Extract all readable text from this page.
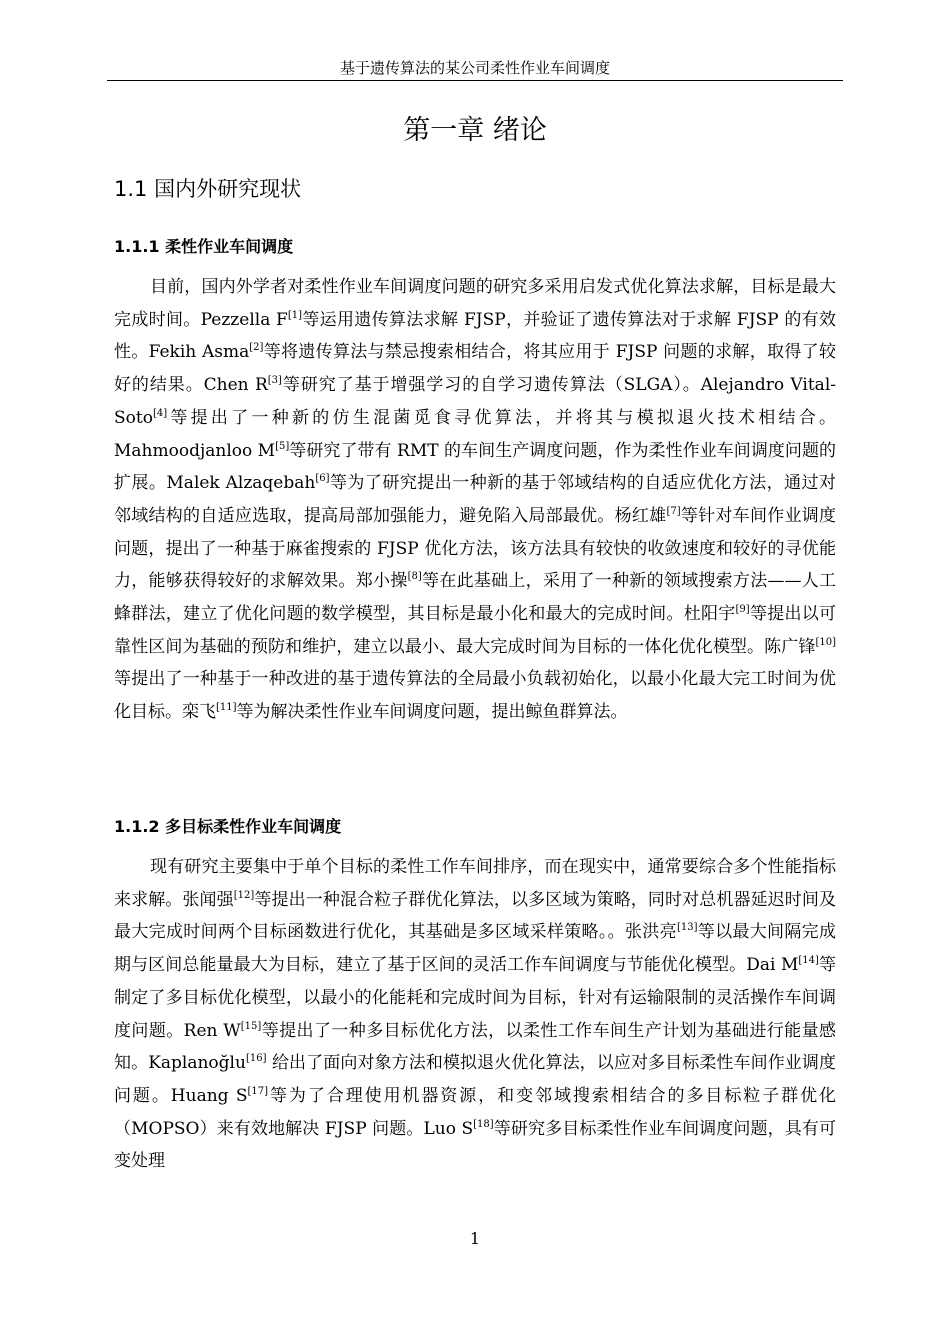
基于遗传算法的某公司柔性作业车间调度
第一章 绪论
1.1 国内外研究现状
1.1.1 柔性作业车间调度
目前，国内外学者对柔性作业车间调度问题的研究多采用启发式优化算法求解，目标是最大完成时间。Pezzella F[1]等运用遗传算法求解 FJSP，并验证了遗传算法对于求解 FJSP 的有效性。Fekih Asma[2]等将遗传算法与禁忌搜索相结合，将其应用于 FJSP 问题的求解，取得了较好的结果。Chen R[3]等研究了基于增强学习的自学习遗传算法（SLGA）。Alejandro Vital-Soto[4]等提出了一种新的仿生混菌觅食寻优算法，并将其与模拟退火技术相结合。Mahmoodjanloo M[5]等研究了带有 RMT 的车间生产调度问题，作为柔性作业车间调度问题的扩展。Malek Alzaqebah[6]等为了研究提出一种新的基于邻域结构的自适应优化方法，通过对邻域结构的自适应选取，提高局部加强能力，避免陷入局部最优。杨红雄[7]等针对车间作业调度问题，提出了一种基于麻雀搜索的 FJSP 优化方法，该方法具有较快的收敛速度和较好的寻优能力，能够获得较好的求解效果。郑小操[8]等在此基础上，采用了一种新的领域搜索方法——人工蜂群法，建立了优化问题的数学模型，其目标是最小化和最大的完成时间。杜阳宇[9]等提出以可靠性区间为基础的预防和维护，建立以最小、最大完成时间为目标的一体化优化模型。陈广锋[10]等提出了一种基于一种改进的基于遗传算法的全局最小负载初始化，以最小化最大完工时间为优化目标。栾飞[11]等为解决柔性作业车间调度问题，提出鲸鱼群算法。
1.1.2 多目标柔性作业车间调度
现有研究主要集中于单个目标的柔性工作车间排序，而在现实中，通常要综合多个性能指标来求解。张闻强[12]等提出一种混合粒子群优化算法，以多区域为策略，同时对总机器延迟时间及最大完成时间两个目标函数进行优化，其基础是多区域采样策略。。张洪亮[13]等以最大间隔完成期与区间总能量最大为目标，建立了基于区间的灵活工作车间调度与节能优化模型。Dai M[14]等制定了多目标优化模型，以最小的化能耗和完成时间为目标，针对有运输限制的灵活操作车间调度问题。Ren W[15]等提出了一种多目标优化方法，以柔性工作车间生产计划为基础进行能量感知。Kaplanoğlu[16] 给出了面向对象方法和模拟退火优化算法，以应对多目标柔性车间作业调度问题。Huang S[17]等为了合理使用机器资源，和变邻域搜索相结合的多目标粒子群优化（MOPSO）来有效地解决 FJSP 问题。Luo S[18]等研究多目标柔性作业车间调度问题，具有可变处理
1
